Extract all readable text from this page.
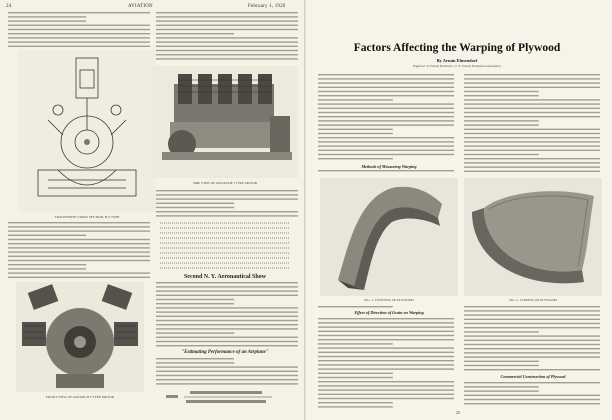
24	AVIATION	February 1, 1926
TRANSVERSE CROSS SECTION, H-5 TYPE
SIDE VIEW OF ANZANI-H 5 TYPE MOTOR
FRONT VIEW OF ANZANI-H 5 TYPE MOTOR
Second N. Y. Aeronautical Show
"Estimating Performance of an Airplane"
FIG. 1. TWISTING OF PLYWOOD	FIG. 2. CUPPING OF PLYWOOD
Methods of Measuring Warping
Effect of Direction of Grain on Warping
Commercial Construction of Plywood
25
Factors Affecting the Warping of Plywood
By Armin Elmendorf
Engineer in Forest Products, U. S. Forest Products Laboratory
